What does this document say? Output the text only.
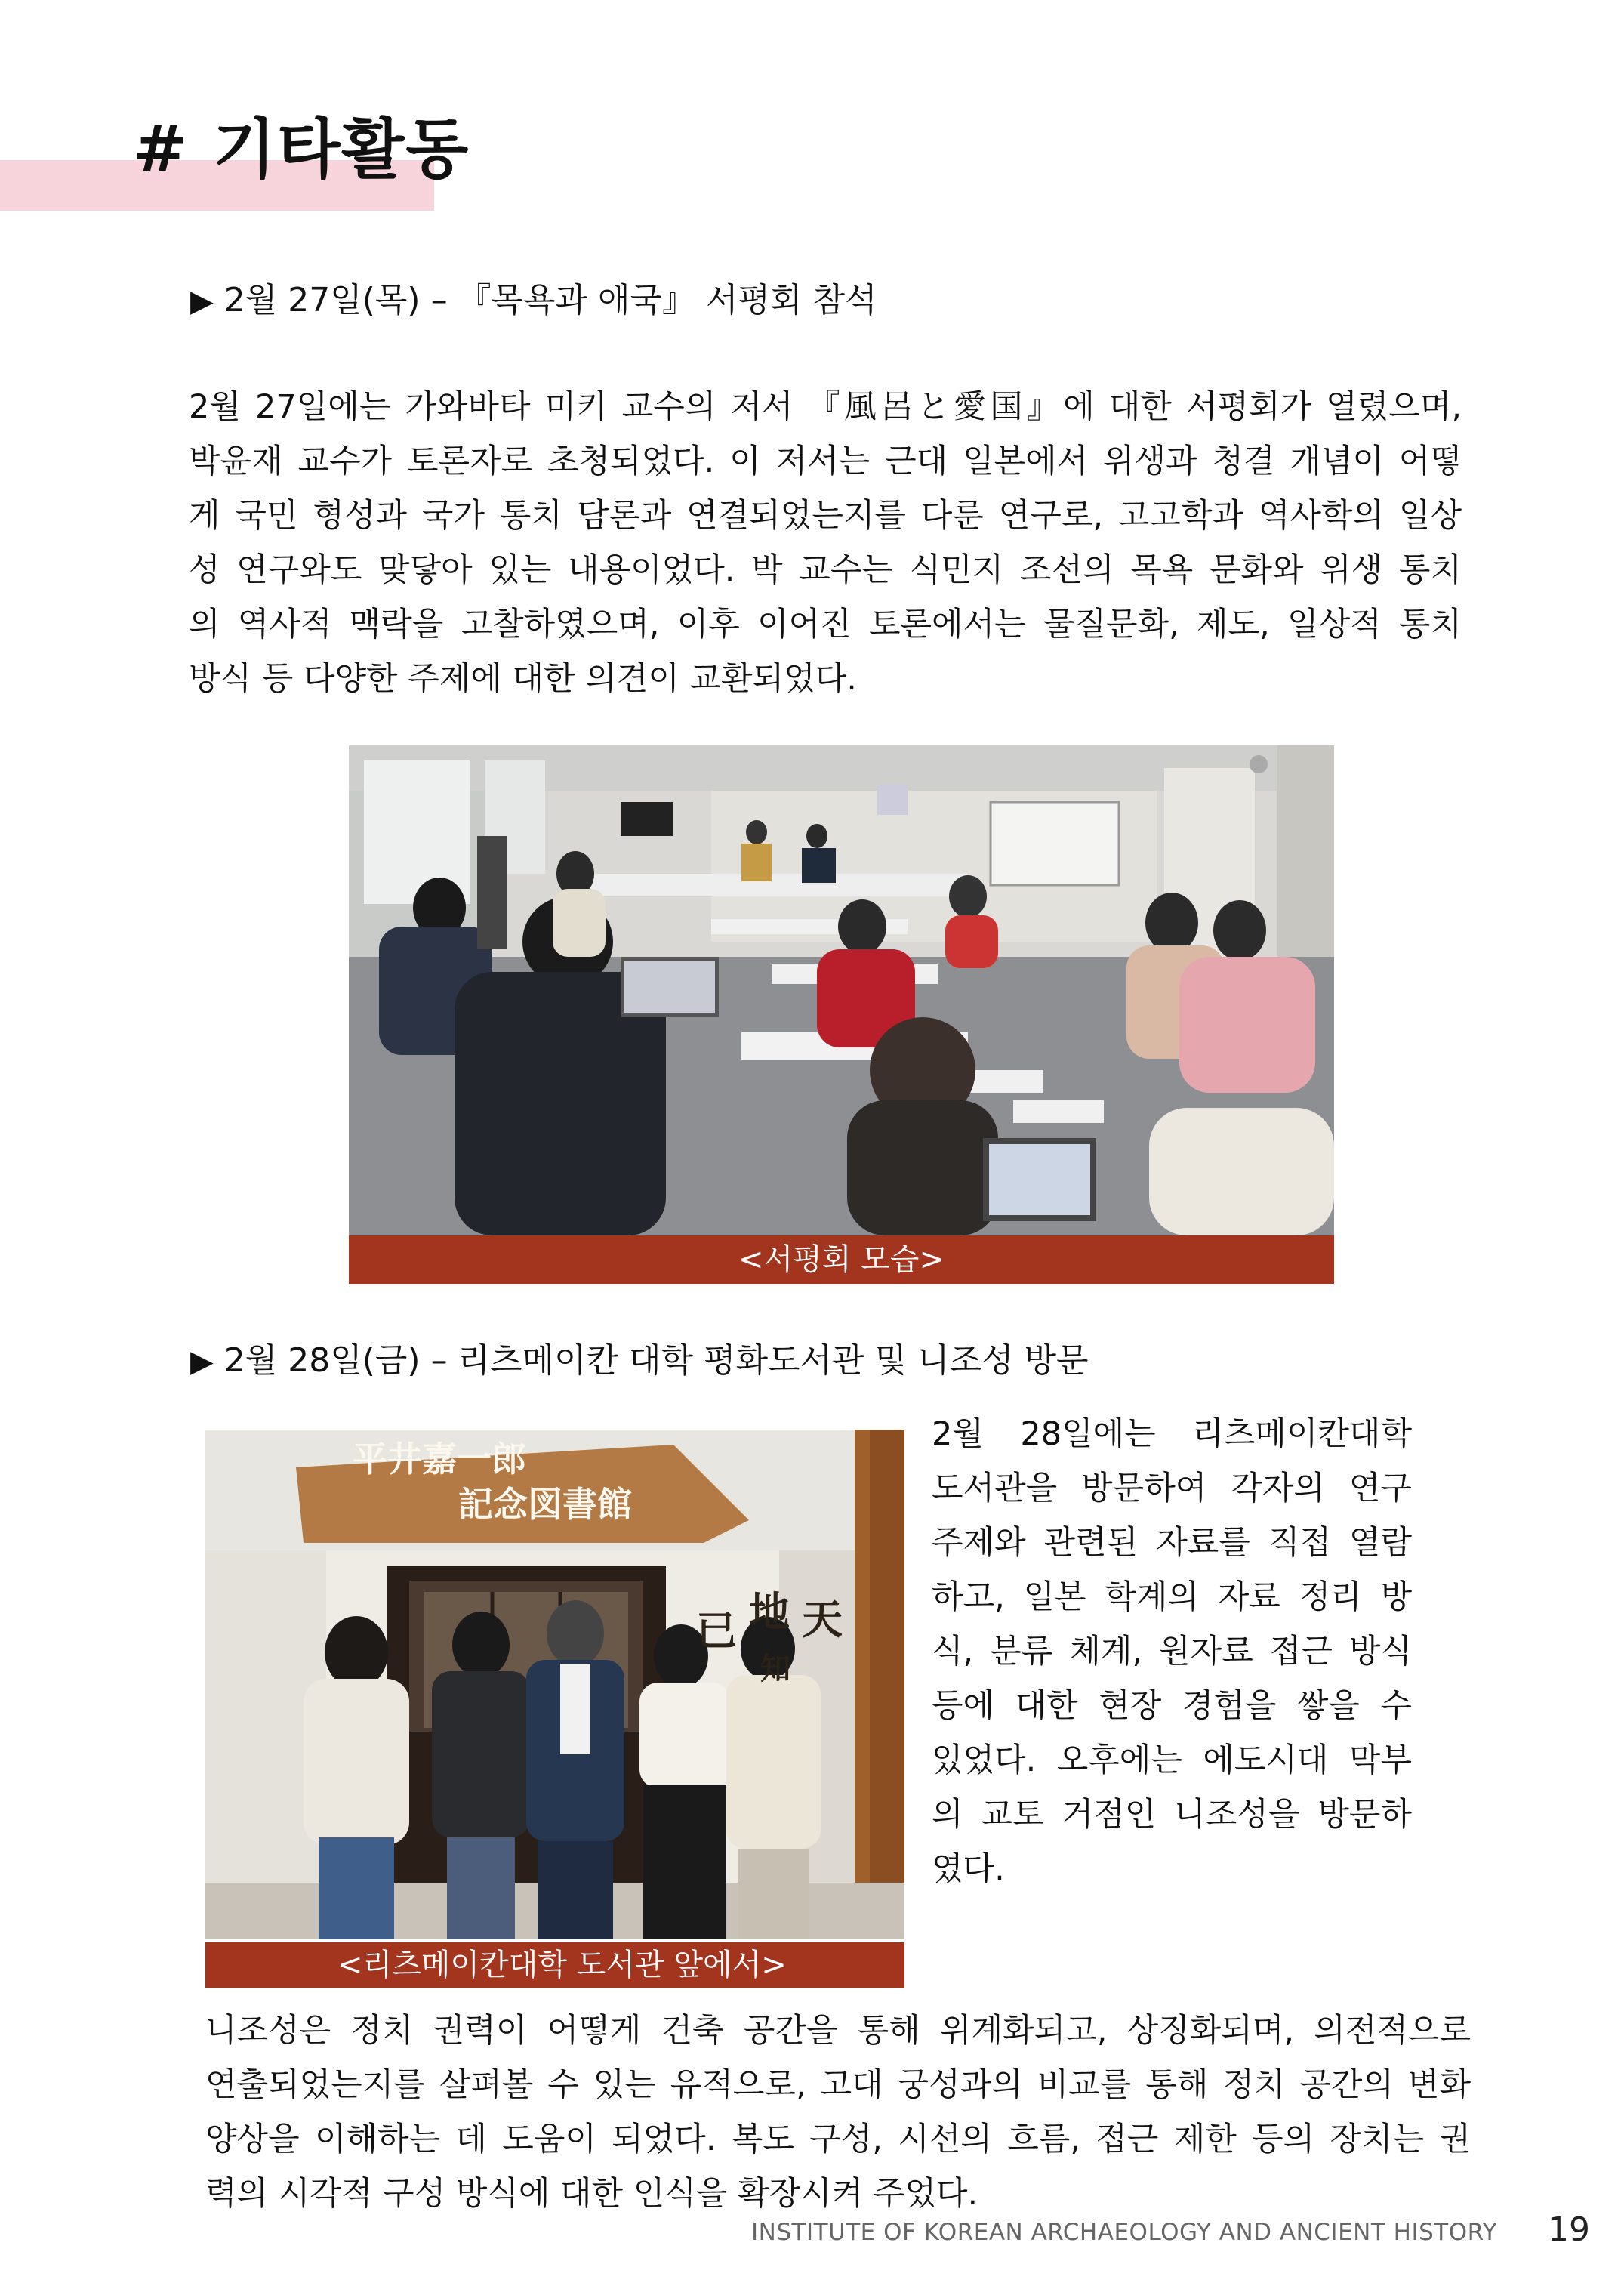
# 기타활동
▶ 2월 27일(목) – 『목욕과 애국』 서평회 참석
2월 27일에는 가와바타 미키 교수의 저서 『風呂と愛国』에 대한 서평회가 열렸으며,
박윤재 교수가 토론자로 초청되었다. 이 저서는 근대 일본에서 위생과 청결 개념이 어떻
게 국민 형성과 국가 통치 담론과 연결되었는지를 다룬 연구로, 고고학과 역사학의 일상
성 연구와도 맞닿아 있는 내용이었다. 박 교수는 식민지 조선의 목욕 문화와 위생 통치
의 역사적 맥락을 고찰하였으며, 이후 이어진 토론에서는 물질문화, 제도, 일상적 통치
방식 등 다양한 주제에 대한 의견이 교환되었다.
<서평회 모습>
▶ 2월 28일(금) – 리츠메이칸 대학 평화도서관 및 니조성 방문
平井嘉一郎
記念図書館
天
地
已
知
<리츠메이칸대학 도서관 앞에서>
2월 28일에는 리츠메이칸대학
도서관을 방문하여 각자의 연구
주제와 관련된 자료를 직접 열람
하고, 일본 학계의 자료 정리 방
식, 분류 체계, 원자료 접근 방식
등에 대한 현장 경험을 쌓을 수
있었다. 오후에는 에도시대 막부
의 교토 거점인 니조성을 방문하
였다.
니조성은 정치 권력이 어떻게 건축 공간을 통해 위계화되고, 상징화되며, 의전적으로
연출되었는지를 살펴볼 수 있는 유적으로, 고대 궁성과의 비교를 통해 정치 공간의 변화
양상을 이해하는 데 도움이 되었다. 복도 구성, 시선의 흐름, 접근 제한 등의 장치는 권
력의 시각적 구성 방식에 대한 인식을 확장시켜 주었다.
INSTITUTE OF KOREAN ARCHAEOLOGY AND ANCIENT HISTORY 19
